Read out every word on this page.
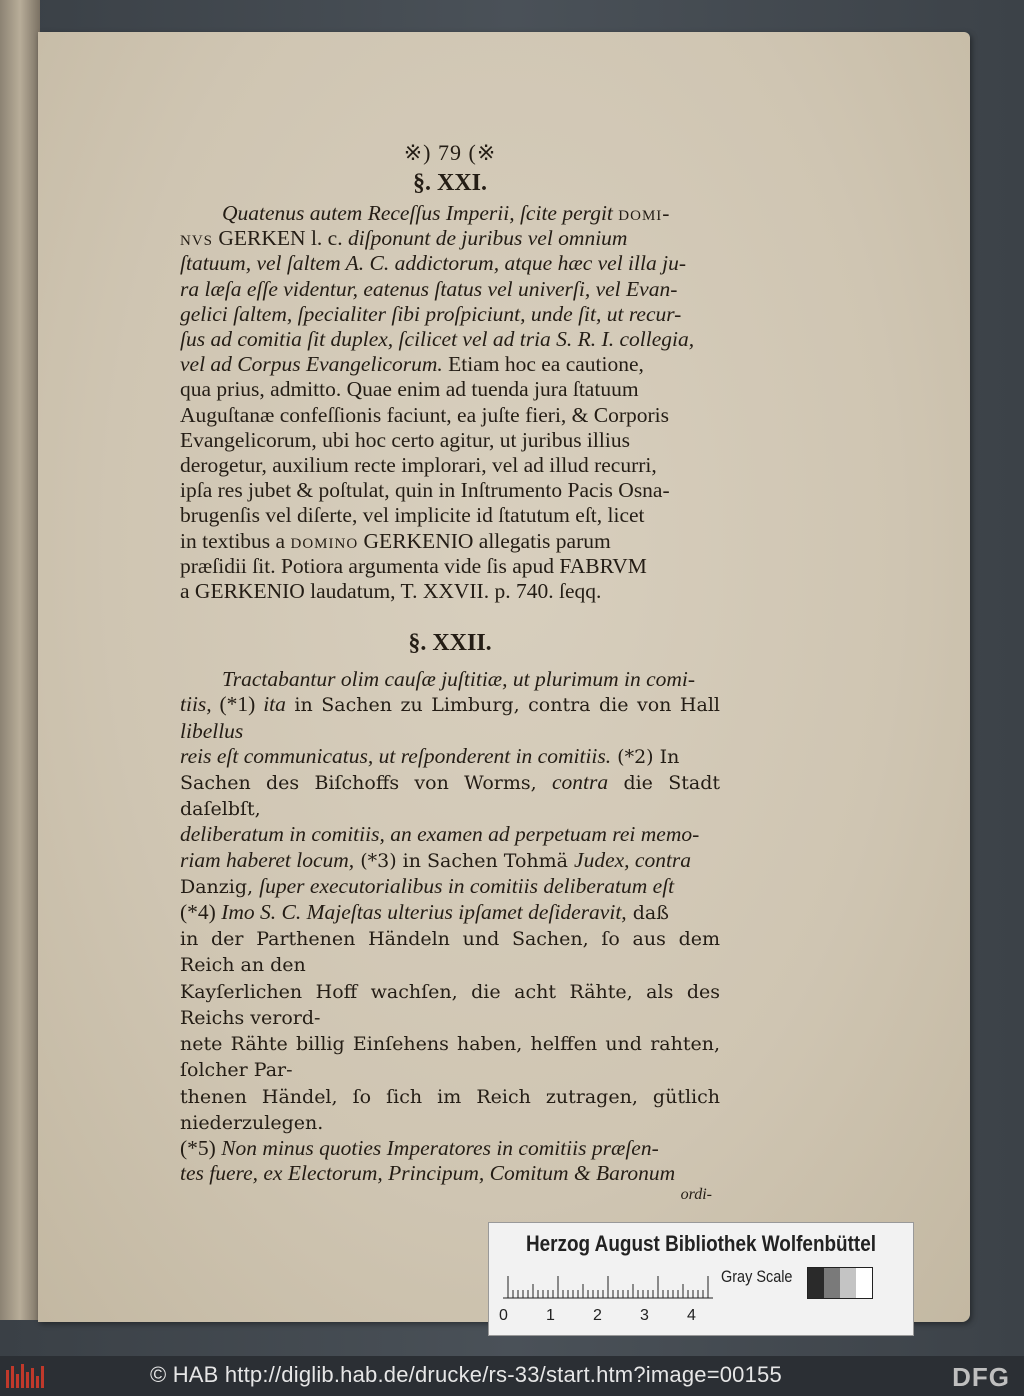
※) 79 (※
§. XXI.

Quatenus autem Receſſus Imperii, ſcite pergit domi-
nvs GERKEN l. c. diſponunt de juribus vel omnium
ſtatuum, vel ſaltem A. C. addictorum, atque hæc vel illa ju-
ra læſa eſſe videntur, eatenus ſtatus vel univerſi, vel Evan-
gelici ſaltem, ſpecialiter ſibi proſpiciunt, unde ſit, ut recur-
ſus ad comitia ſit duplex, ſcilicet vel ad tria S. R. I. collegia,
vel ad Corpus Evangelicorum. Etiam hoc ea cautione,
qua prius, admitto. Quae enim ad tuenda jura ſtatuum
Auguſtanæ confeſſionis faciunt, ea juſte fieri, & Corporis
Evangelicorum, ubi hoc certo agitur, ut juribus illius
derogetur, auxilium recte implorari, vel ad illud recurri,
ipſa res jubet & poſtulat, quin in Inſtrumento Pacis Osna-
brugenſis vel diſerte, vel implicite id ſtatutum eſt, licet
in textibus a domino GERKENIO allegatis parum
præſidii ſit. Potiora argumenta vide ſis apud FABRVM
a GERKENIO laudatum, T. XXVII. p. 740. ſeqq.

§. XXII.

Tractabantur olim cauſæ juſtitiæ, ut plurimum in comi-
tiis, (*1) ita in Sachen zu Limburg, contra die von Hall libellus
reis eſt communicatus, ut reſponderent in comitiis. (*2) In
Sachen des Biſchoffs von Worms, contra die Stadt daſelbſt,
deliberatum in comitiis, an examen ad perpetuam rei memo-
riam haberet locum, (*3) in Sachen Tohmä Judex, contra
Danzig, ſuper executorialibus in comitiis deliberatum eſt
(*4) Imo S. C. Majeſtas ulterius ipſamet deſideravit, daß
in der Parthenen Händeln und Sachen, ſo aus dem Reich an den
Kayſerlichen Hoff wachſen, die acht Rähte, als des Reichs verord-
nete Rähte billig Einſehens haben, helffen und rahten, ſolcher Par-
thenen Händel, ſo ſich im Reich zutragen, gütlich niederzulegen.
(*5) Non minus quoties Imperatores in comitiis præſen-
tes fuere, ex Electorum, Principum, Comitum & Baronum

ordi-
Herzog August Bibliothek Wolfenbüttel
0 1 2 3 4
Gray Scale
© HAB http://diglib.hab.de/drucke/rs-33/start.htm?image=00155	DFG
